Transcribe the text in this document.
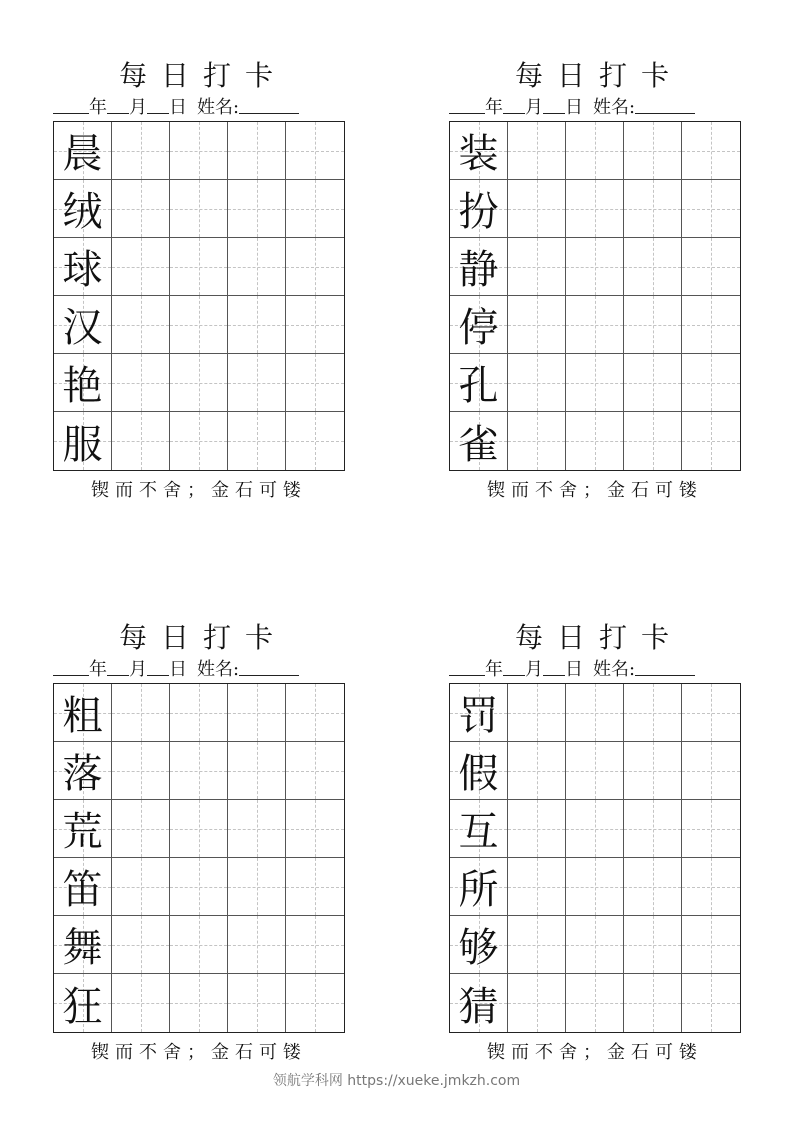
每日打卡
年 月 日 姓名:
晨
绒
球
汉
艳
服
锲而不舍；金石可镂
每日打卡
年 月 日 姓名:
装
扮
静
停
孔
雀
锲而不舍；金石可镂
每日打卡
年 月 日 姓名:
粗
落
荒
笛
舞
狂
锲而不舍；金石可镂
每日打卡
年 月 日 姓名:
罚
假
互
所
够
猜
锲而不舍；金石可镂
领航学科网 https://xueke.jmkzh.com
